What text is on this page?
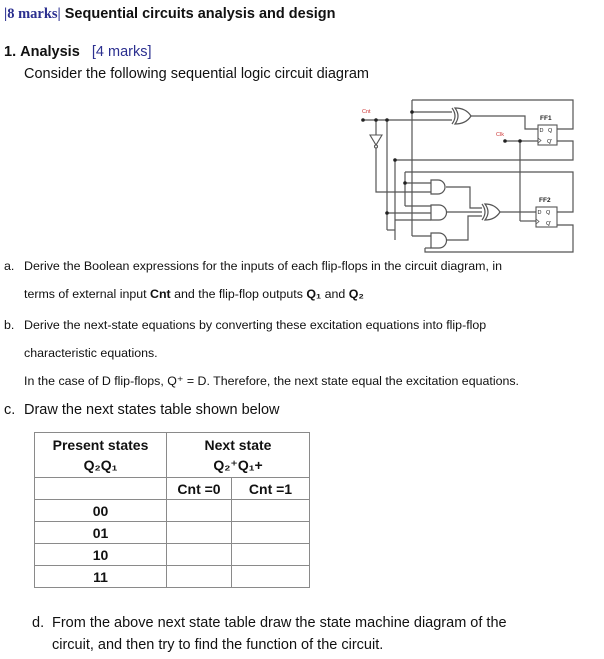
|8 marks| Sequential circuits analysis and design
1. Analysis [4 marks]
Consider the following sequential logic circuit diagram
D Q
Q'
FF1
D Q
Q'
FF2
Cnt
Clk
a. Derive the Boolean expressions for the inputs of each flip-flops in the circuit diagram, in
terms of external input Cnt and the flip-flop outputs Q₁ and Q₂
b. Derive the next-state equations by converting these excitation equations into flip-flop
characteristic equations.
In the case of D flip-flops, Q⁺ = D. Therefore, the next state equal the excitation equations.
c. Draw the next states table shown below
Present states
Q₂Q₁

Next state
Q₂⁺Q₁+

	Cnt =0	Cnt =1
00		
01		
10		
11		
d. From the above next state table draw the state machine diagram of the
circuit, and then try to find the function of the circuit.
